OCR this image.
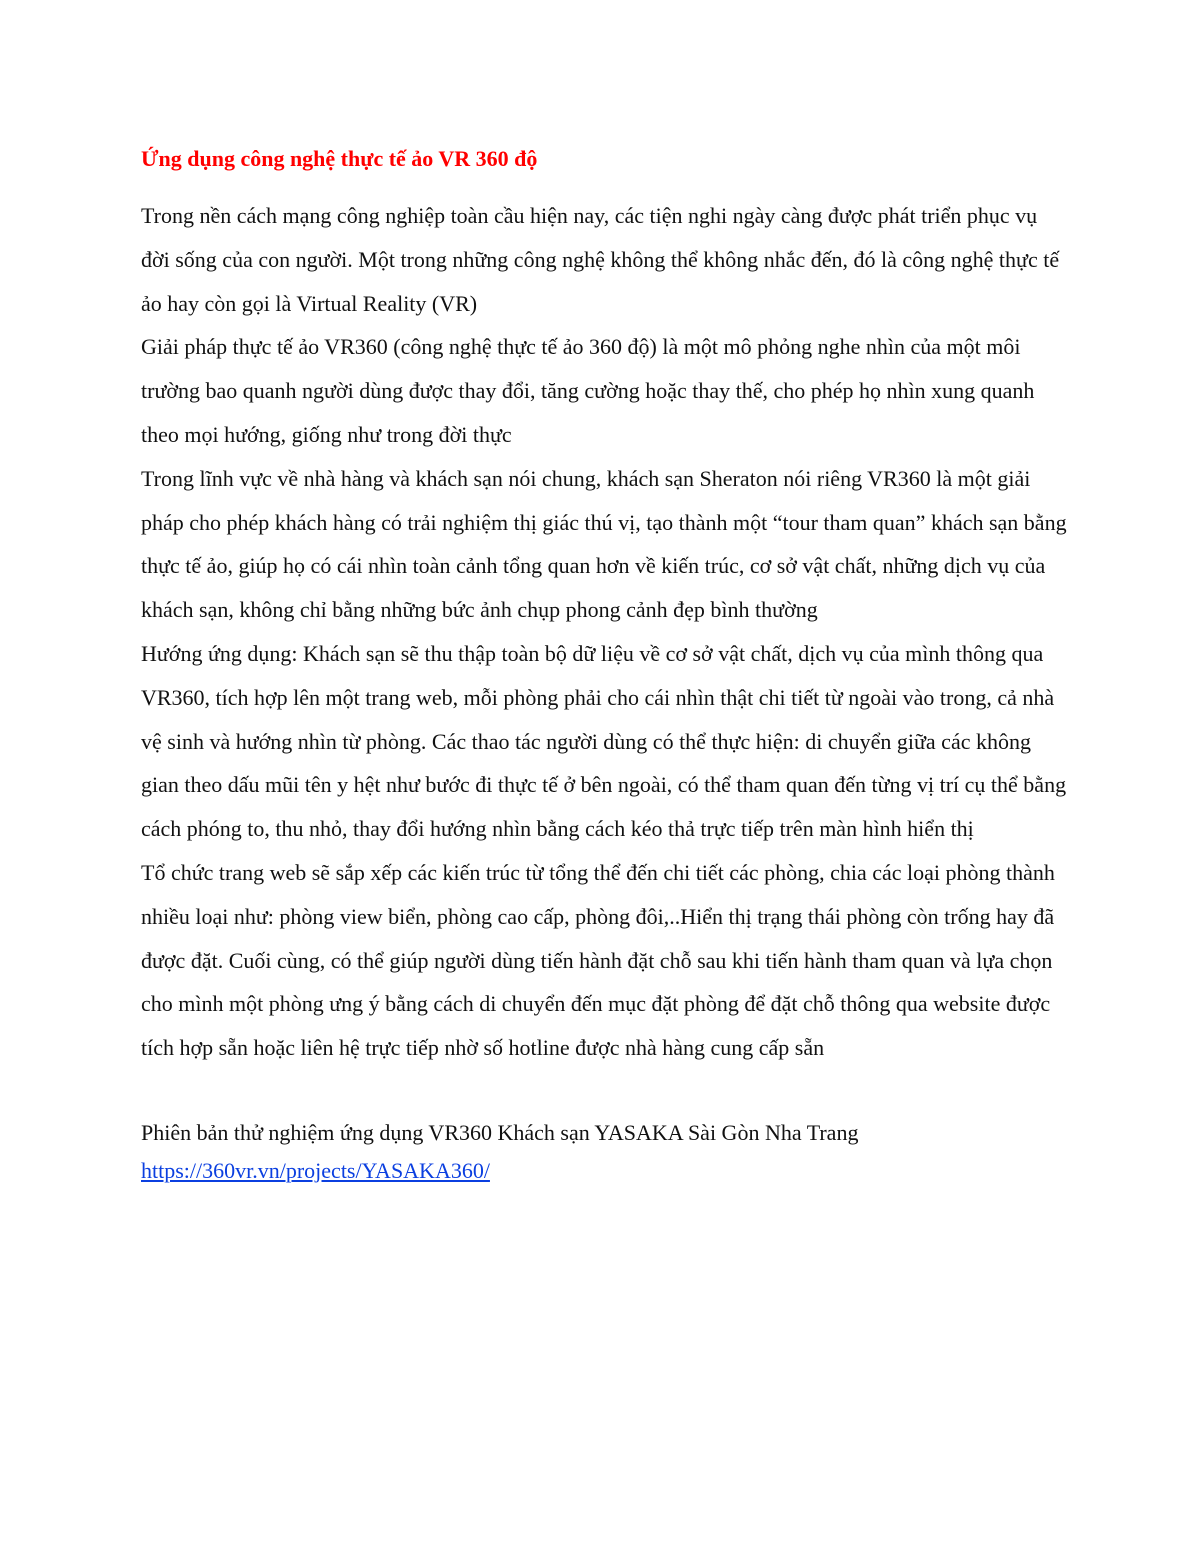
Ứng dụng công nghệ thực tế ảo VR 360 độ

Trong nền cách mạng công nghiệp toàn cầu hiện nay, các tiện nghi ngày càng được phát triển phục vụ đời sống của con người. Một trong những công nghệ không thể không nhắc đến, đó là công nghệ thực tế ảo hay còn gọi là Virtual Reality (VR)

Giải pháp thực tế ảo VR360 (công nghệ thực tế ảo 360 độ) là một mô phỏng nghe nhìn của một môi trường bao quanh người dùng được thay đổi, tăng cường hoặc thay thế, cho phép họ nhìn xung quanh theo mọi hướng, giống như trong đời thực

Trong lĩnh vực về nhà hàng và khách sạn nói chung, khách sạn Sheraton nói riêng VR360 là một giải pháp cho phép khách hàng có trải nghiệm thị giác thú vị, tạo thành một “tour tham quan” khách sạn bằng thực tế ảo, giúp họ có cái nhìn toàn cảnh tổng quan hơn về kiến trúc, cơ sở vật chất, những dịch vụ của khách sạn, không chỉ bằng những bức ảnh chụp phong cảnh đẹp bình thường

Hướng ứng dụng: Khách sạn sẽ thu thập toàn bộ dữ liệu về cơ sở vật chất, dịch vụ của mình thông qua VR360, tích hợp lên một trang web, mỗi phòng phải cho cái nhìn thật chi tiết từ ngoài vào trong, cả nhà vệ sinh và hướng nhìn từ phòng. Các thao tác người dùng có thể thực hiện: di chuyển giữa các không gian theo dấu mũi tên y hệt như bước đi thực tế ở bên ngoài, có thể tham quan đến từng vị trí cụ thể bằng cách phóng to, thu nhỏ, thay đổi hướng nhìn bằng cách kéo thả trực tiếp trên màn hình hiển thị

Tổ chức trang web sẽ sắp xếp các kiến trúc từ tổng thể đến chi tiết các phòng, chia các loại phòng thành nhiều loại như: phòng view biển, phòng cao cấp, phòng đôi,..Hiển thị trạng thái phòng còn trống hay đã được đặt. Cuối cùng, có thể giúp người dùng tiến hành đặt chỗ sau khi tiến hành tham quan và lựa chọn cho mình một phòng ưng ý bằng cách di chuyển đến mục đặt phòng để đặt chỗ thông qua website được tích hợp sẵn hoặc liên hệ trực tiếp nhờ số hotline được nhà hàng cung cấp sẵn

Phiên bản thử nghiệm ứng dụng VR360 Khách sạn YASAKA Sài Gòn Nha Trang

https://360vr.vn/projects/YASAKA360/
